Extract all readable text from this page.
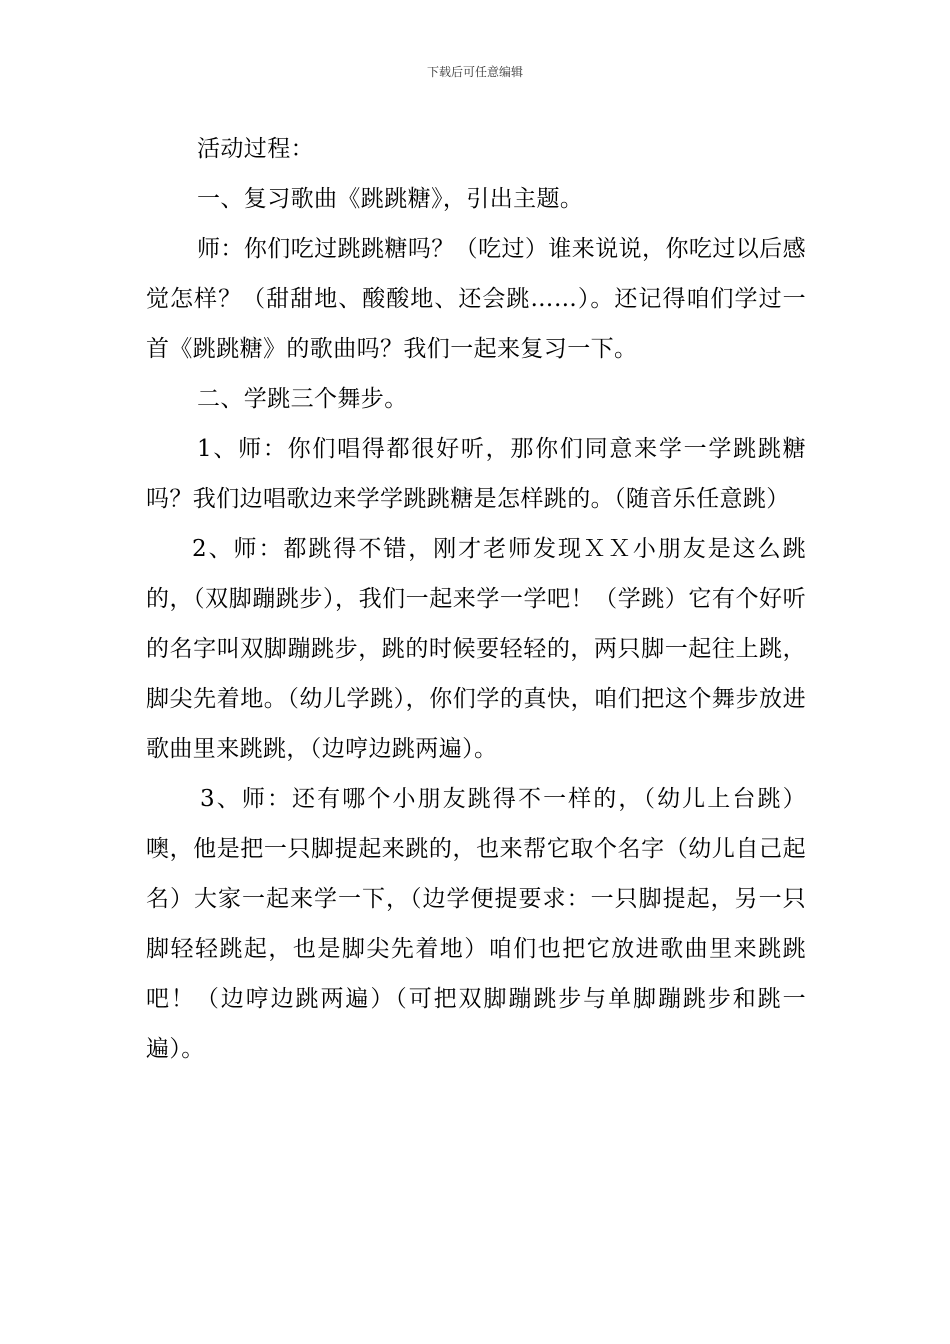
下载后可任意编辑

活动过程：

一、复习歌曲《跳跳糖》，引出主题。

师：你们吃过跳跳糖吗？（吃过）谁来说说，你吃过以后感觉怎样？（甜甜地、酸酸地、还会跳……）。还记得咱们学过一首《跳跳糖》的歌曲吗？我们一起来复习一下。

二、学跳三个舞步。

1、师：你们唱得都很好听，那你们同意来学一学跳跳糖吗？我们边唱歌边来学学跳跳糖是怎样跳的。（随音乐任意跳）

2、师：都跳得不错，刚才老师发现ＸＸ小朋友是这么跳的，（双脚蹦跳步），我们一起来学一学吧！（学跳）它有个好听的名字叫双脚蹦跳步，跳的时候要轻轻的，两只脚一起往上跳，脚尖先着地。（幼儿学跳），你们学的真快，咱们把这个舞步放进歌曲里来跳跳，（边哼边跳两遍）。

3、师：还有哪个小朋友跳得不一样的，（幼儿上台跳）噢，他是把一只脚提起来跳的，也来帮它取个名字（幼儿自己起名）大家一起来学一下，（边学便提要求：一只脚提起，另一只脚轻轻跳起，也是脚尖先着地）咱们也把它放进歌曲里来跳跳吧！（边哼边跳两遍）（可把双脚蹦跳步与单脚蹦跳步和跳一遍）。
